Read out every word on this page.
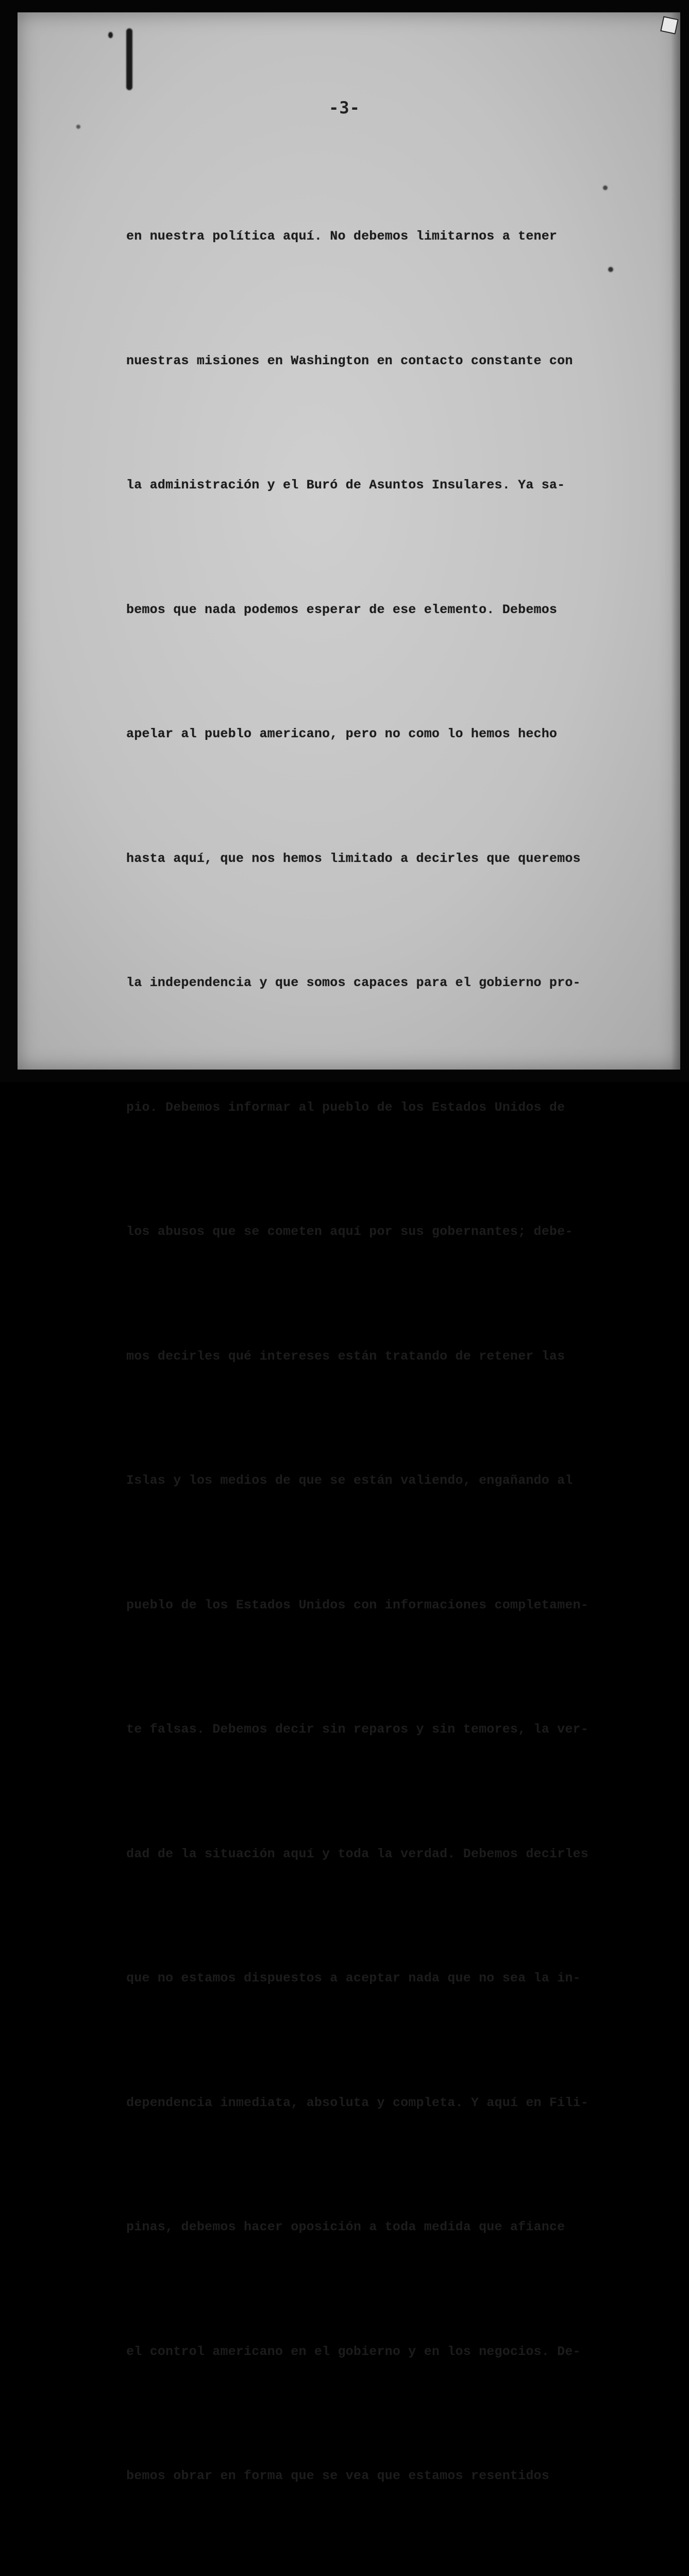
-3-

en nuestra política aquí. No debemos limitarnos a tener

nuestras misiones en Washington en contacto constante con

la administración y el Buró de Asuntos Insulares. Ya sa-

bemos que nada podemos esperar de ese elemento. Debemos

apelar al pueblo americano, pero no como lo hemos hecho

hasta aquí, que nos hemos limitado a decirles que queremos

la independencia y que somos capaces para el gobierno pro-

pio. Debemos informar al pueblo de los Estados Unidos de

los abusos que se cometen aquí por sus gobernantes; debe-

mos decirles qué intereses están tratando de retener las

Islas y los medios de que se están valiendo, engañando al

pueblo de los Estados Unidos con informaciones completamen-

te falsas. Debemos decir sin reparos y sin temores, la ver-

dad de la situación aquí y toda la verdad. Debemos decirles

que no estamos dispuestos a aceptar nada que no sea la in-

dependencia inmediata, absoluta y completa. Y aquí en Fili-

pinas, debemos hacer oposición a toda medida que afiance

el control americano en el gobierno y en los negocios. De-

bemos obrar en forma que se vea que estamos resentidos
